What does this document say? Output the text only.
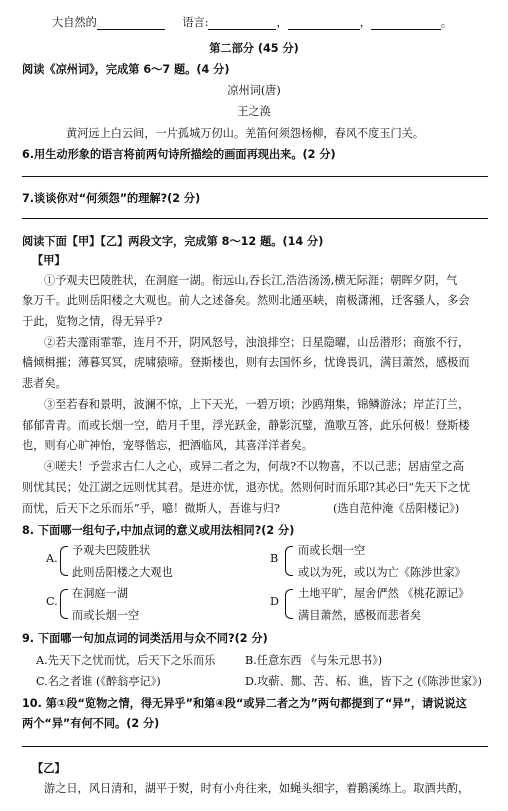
大自然的	语言:	，	，	。
第二部分 (45 分)
阅读《凉州词》，完成第 6～7 题。(4 分)
凉州词(唐)
王之涣
黄河远上白云间，一片孤城万仞山。羌笛何须怨杨柳，春风不度玉门关。
6.用生动形象的语言将前两句诗所描绘的画面再现出来。(2 分)
7.谈谈你对“何须怨”的理解?(2 分)
阅读下面【甲】【乙】两段文字，完成第 8～12 题。(14 分)
【甲】
①予观夫巴陵胜状，在洞庭一湖。衔远山,吞长江,浩浩汤汤,横无际涯；朝晖夕阴，气
象万千。此则岳阳楼之大观也。前人之述备矣。然则北通巫峡，南极潇湘，迁客骚人，多会
于此，览物之情，得无异乎?
②若夫霪雨霏霏，连月不开，阴风怒号，浊浪排空；日星隐曜，山岳潜形；商旅不行，
樯倾楫摧；薄暮冥冥，虎啸猿啼。登斯楼也，则有去国怀乡，忧谗畏讥，满目萧然，感极而
悲者矣。
③至若春和景明，波澜不惊，上下天光，一碧万顷；沙鸥翔集，锦鳞游泳；岸芷汀兰，
郁郁青青。而或长烟一空，皓月千里，浮光跃金，静影沉璧，渔歌互答，此乐何极！登斯楼
也，则有心旷神怡，宠辱偕忘，把酒临风，其喜洋洋者矣。
④嗟夫！予尝求古仁人之心，或异二者之为，何哉?不以物喜，不以己悲；居庙堂之高
则忧其民；处江湖之远则忧其君。是进亦忧，退亦忧。然则何时而乐耶?其必曰“先天下之忧
而忧，后天下之乐而乐”乎，噫！微斯人，吾谁与归?	(选自范仲淹《岳阳楼记》)
8. 下面哪一组句子,中加点词的意义或用法相同?(2 分)
A.
予观夫巴陵胜状
此则岳阳楼之大观也
B
而或长烟一空
或以为死，或以为亡《陈涉世家》
C.
在洞庭一湖
而或长烟一空
D
土地平旷，屋舍俨然 《桃花源记》
满目萧然，感极而悲者矣
9. 下面哪一句加点词的词类活用与众不同?(2 分)
A.先天下之忧而忧，后天下之乐而乐	B.任意东西 《与朱元思书》)
C.名之者谁 (《醉翁亭记》)	D.攻蕲、酂、苦、柘、谯，皆下之 (《陈涉世家》)
10. 第①段“览物之情，得无异乎”和第④段“或异二者之为”两句都提到了“异”，请说说这
两个“异”有何不同。(2 分)
【乙】
游之日，风日清和，湖平于熨，时有小舟往来，如蝇头细字，着鹅溪练上。取酒共酌，
